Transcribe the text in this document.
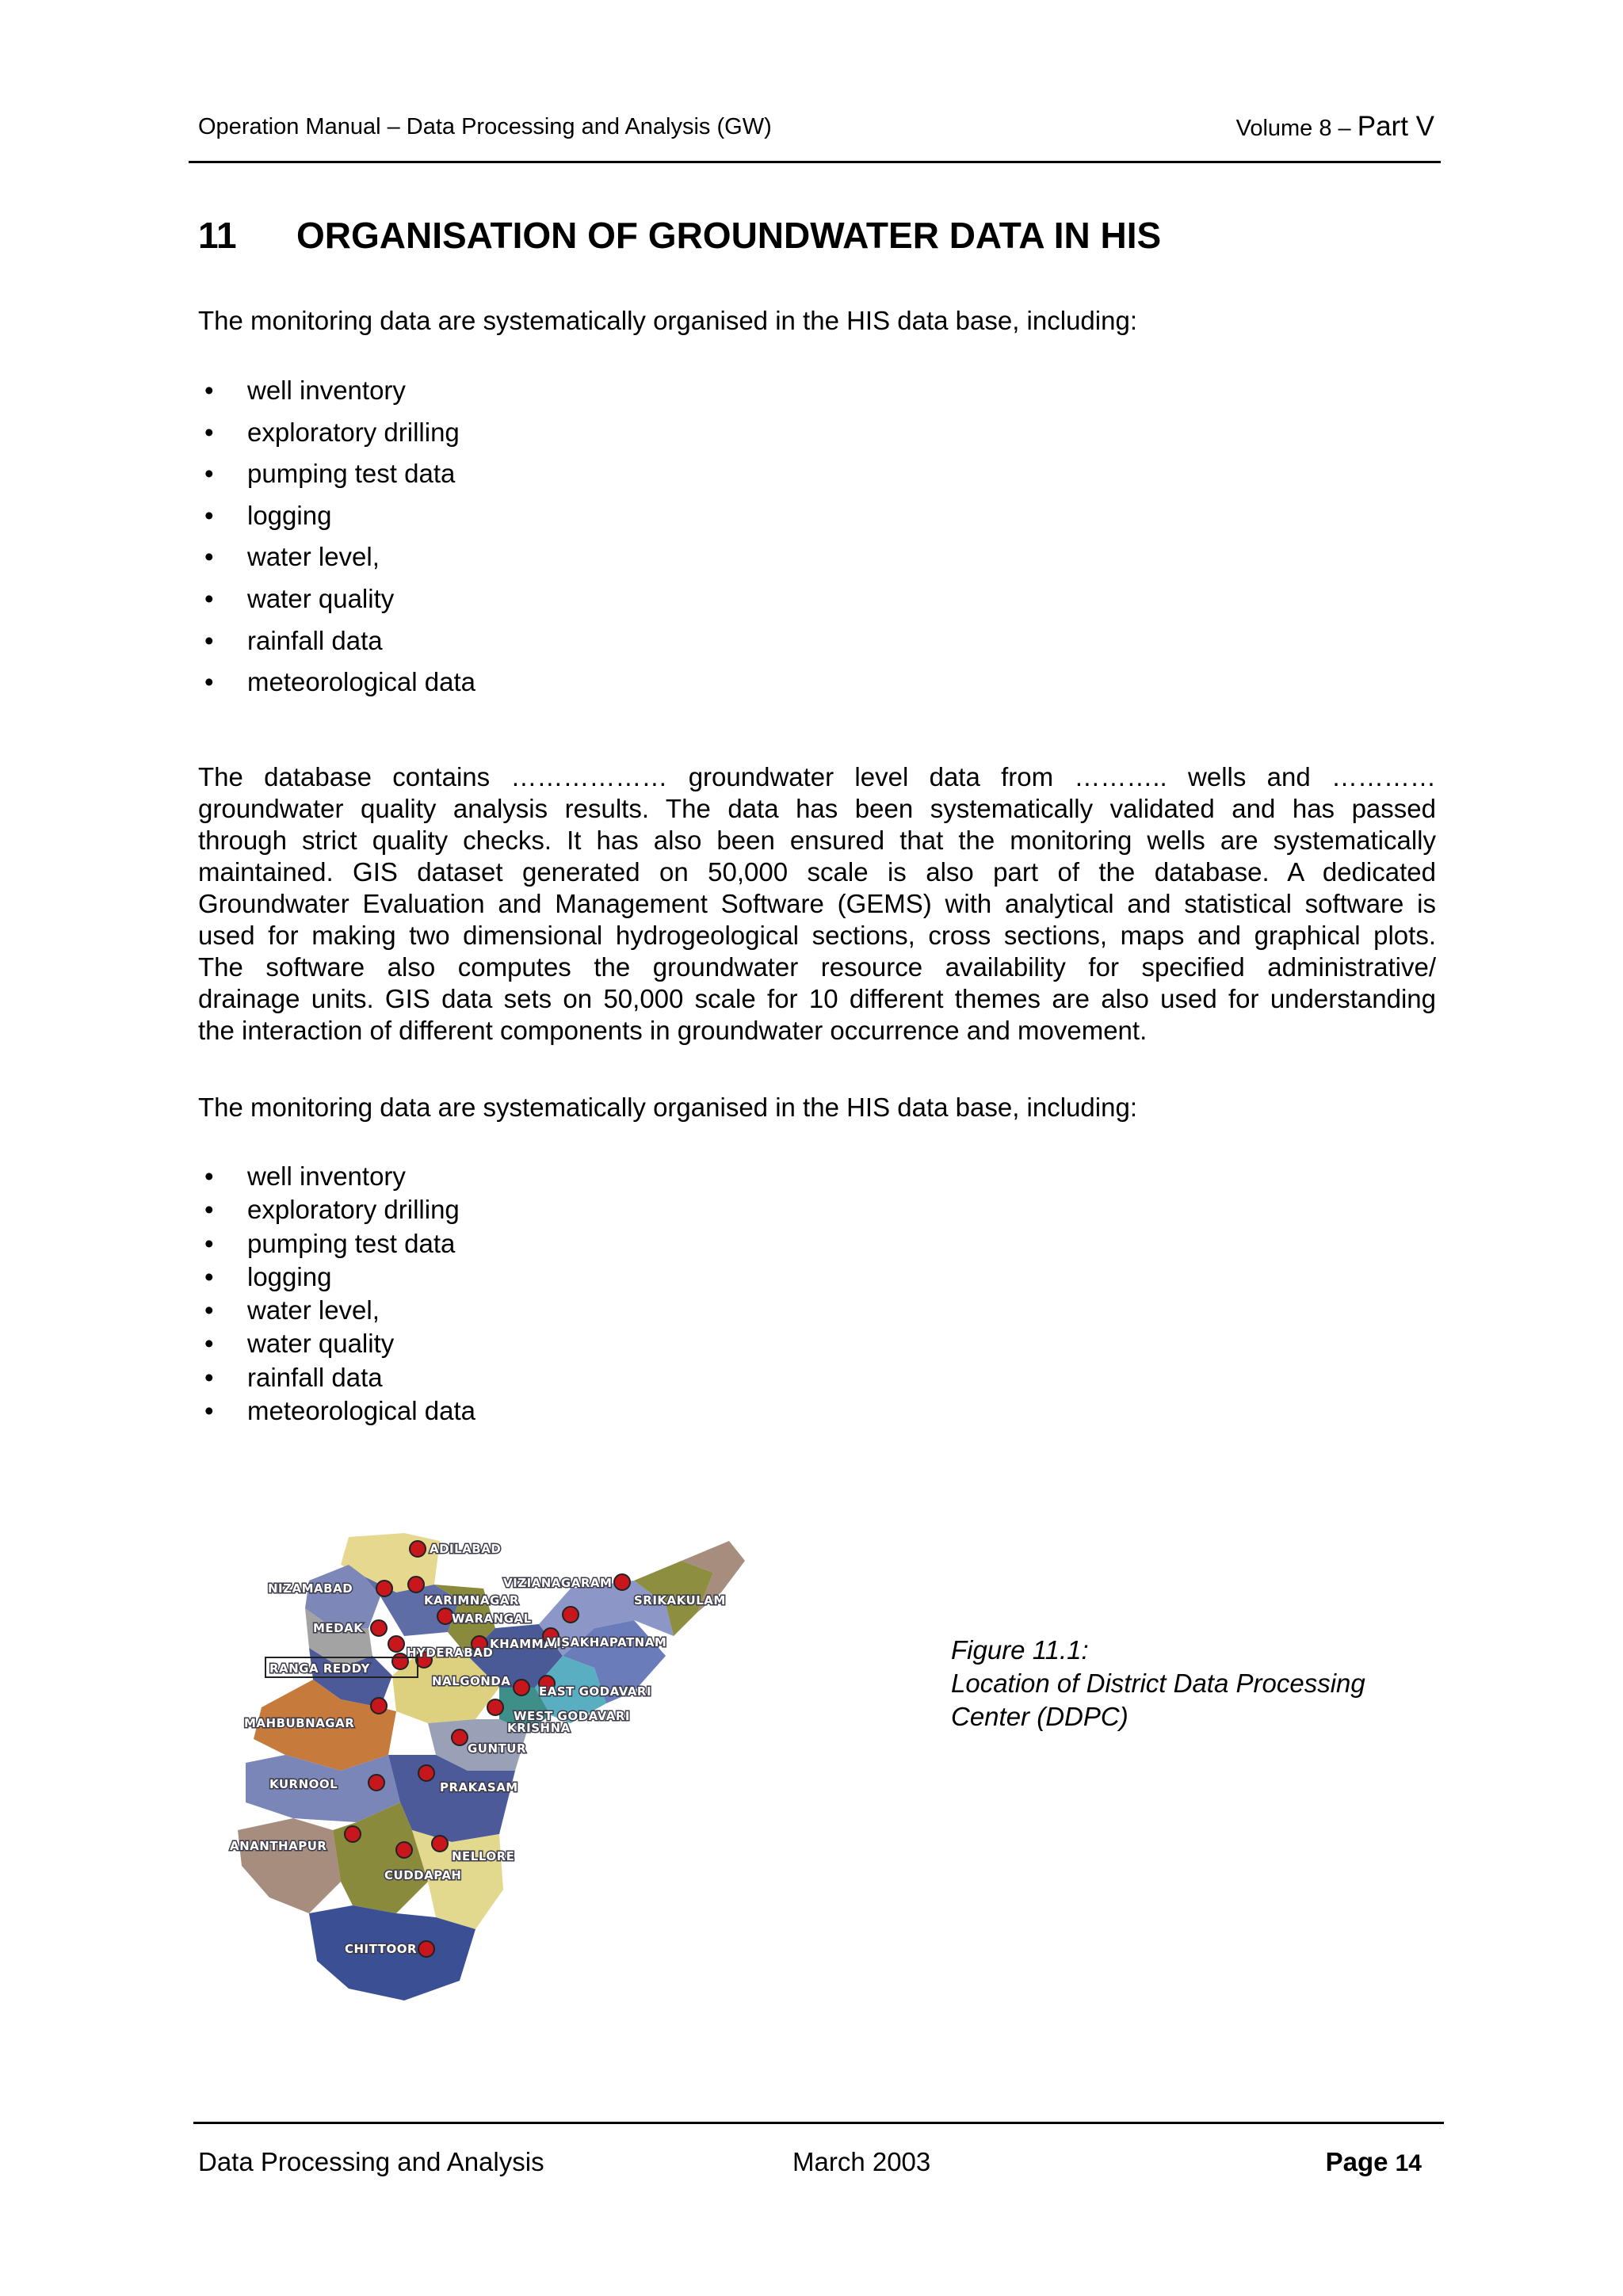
Operation Manual – Data Processing and Analysis (GW)	Volume 8 – Part V
11 ORGANISATION OF GROUNDWATER DATA IN HIS

The monitoring data are systematically organised in the HIS data base, including:

• well inventory
• exploratory drilling
• pumping test data
• logging
• water level,
• water quality
• rainfall data
• meteorological data
The database contains ……………… groundwater level data from ……….. wells and …………
groundwater quality analysis results. The data has been systematically validated and has passed
through strict quality checks. It has also been ensured that the monitoring wells are systematically
maintained. GIS dataset generated on 50,000 scale is also part of the database. A dedicated
Groundwater Evaluation and Management Software (GEMS) with analytical and statistical software is
used for making two dimensional hydrogeological sections, cross sections, maps and graphical plots.
The software also computes the groundwater resource availability for specified administrative/
drainage units. GIS data sets on 50,000 scale for 10 different themes are also used for understanding
the interaction of different components in groundwater occurrence and movement.

The monitoring data are systematically organised in the HIS data base, including:

• well inventory
• exploratory drilling
• pumping test data
• logging
• water level,
• water quality
• rainfall data
• meteorological data
ADILABAD
NIZAMABAD
KARIMNAGAR
WARANGAL
MEDAK
HYDERABAD
RANGA REDDY
KHAMMAM
NALGONDA
MAHBUBNAGAR	KRISHNA
GUNTUR
KURNOOL	PRAKASAM
ANANTHAPUR
CUDDAPAH
NELLORE
CHITTOOR
VIZIANAGARAM
SRIKAKULAM
VISAKHAPATNAM
EAST GODAVARI
WEST GODAVARI
Figure 11.1:
Location of District Data Processing
Center (DDPC)
Data Processing and Analysis	March 2003	Page 14
